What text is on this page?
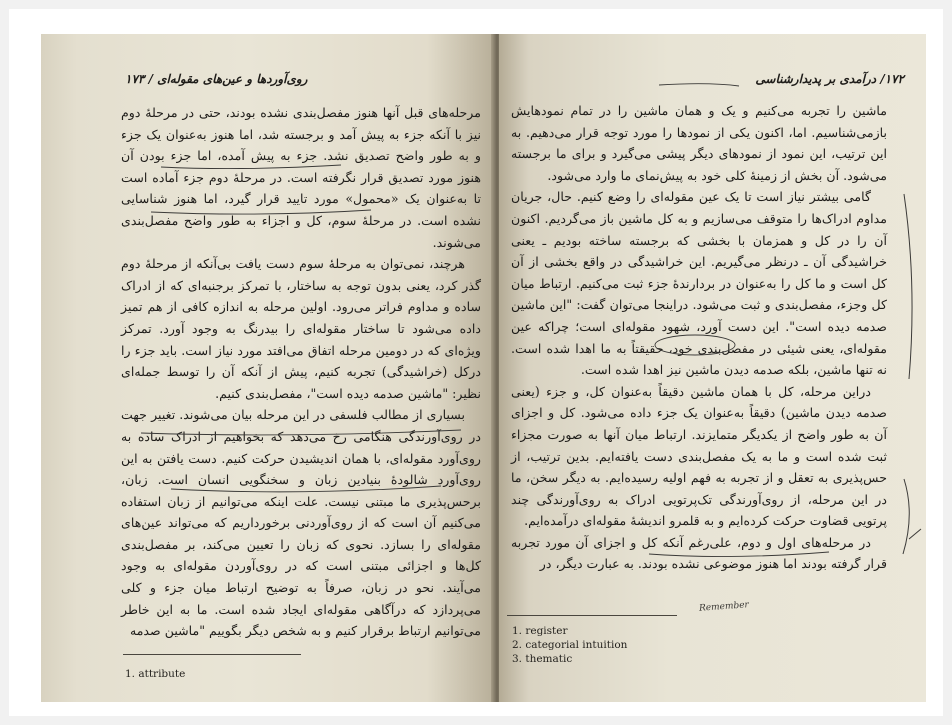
روی‌آوردها و عین‌های مقوله‌ای / ۱۷۳

مرحله‌های قبل آنها هنوز مفصل‌بندی نشده بودند، حتی در مرحلهٔ دوم نیز با آنکه جزء به پیش آمد و برجسته شد، اما هنوز به‌عنوان یک جزء و به طور واضح تصدیق نشد. جزء به پیش آمده، اما جزء بودن آن هنوز مورد تصدیق قرار نگرفته است. در مرحلهٔ دوم جزء آماده است تا به‌عنوان یک «محمول» مورد تایید قرار گیرد، اما هنوز شناسایی نشده است. در مرحلهٔ سوم، کل و اجزاء به طور واضح مفصل‌بندی می‌شوند.

هرچند، نمی‌توان به مرحلهٔ سوم دست یافت بی‌آنکه از مرحلهٔ دوم گذر کرد، یعنی بدون توجه به ساختار، با تمرکز برجنبه‌ای که از ادراک ساده و مداوم فراتر می‌رود. اولین مرحله به اندازه کافی از هم تمیز داده می‌شود تا ساختار مقوله‌ای را بیدرنگ به وجود آورد. تمرکز ویژه‌ای که در دومین مرحله اتفاق می‌افتد مورد نیاز است. باید جزء را درکل (خراشیدگی) تجربه کنیم، پیش از آنکه آن را توسط جمله‌ای نظیر: "ماشین صدمه دیده است"، مفصل‌بندی کنیم.

بسیاری از مطالب فلسفی در این مرحله بیان می‌شوند. تغییر جهت در روی‌آورندگی هنگامی رخ می‌دهد که بخواهیم از ادراک ساده به روی‌آورد مقوله‌ای، با همان اندیشیدن حرکت کنیم. دست یافتن به این روی‌آورد شالودهٔ بنیادین زبان و سخنگویی انسان است. زبان، برحس‌پذیری ما مبتنی نیست. علت اینکه می‌توانیم از زبان استفاده می‌کنیم آن است که از روی‌آوردنی برخورداریم که می‌تواند عین‌های مقوله‌ای را بسازد. نحوی که زبان را تعیین می‌کند، بر مفصل‌بندی کل‌ها و اجزائی مبتنی است که در روی‌آوردن مقوله‌ای به وجود می‌آیند. نحو در زبان، صرفاً به توضیح ارتباط میان جزء و کلی می‌پردازد که درآگاهی مقوله‌ای ایجاد شده است. ما به این خاطر می‌توانیم ارتباط برقرار کنیم و به شخص دیگر بگوییم "ماشین صدمه

1. attribute
۱۷۲/ درآمدی بر پدیدارشناسی

ماشین را تجربه می‌کنیم و یک و همان ماشین را در تمام نمودهایش بازمی‌شناسیم. اما، اکنون یکی از نمودها را مورد توجه قرار می‌دهیم. به این ترتیب، این نمود از نمودهای دیگر پیشی می‌گیرد و برای ما برجسته می‌شود. آن بخش از زمینهٔ کلی خود به پیش‌نمای ما وارد می‌شود.

گامی بیشتر نیاز است تا یک عین مقوله‌ای را وضع کنیم. حال، جریان مداوم ادراک‌ها را متوقف می‌سازیم و به کل ماشین باز می‌گردیم. اکنون آن را در کل و همزمان با بخشی که برجسته ساخته بودیم ـ یعنی خراشیدگی آن ـ درنظر می‌گیریم. این خراشیدگی در واقع بخشی از آن کل است و ما کل را به‌عنوان در بردارندهٔ جزء ثبت می‌کنیم. ارتباط میان کل وجزء، مفصل‌بندی و ثبت می‌شود. دراینجا می‌توان گفت: "این ماشین صدمه دیده است". این دست آورد، شهود مقوله‌ای است؛ چراکه عین مقوله‌ای، یعنی شیئی در مفصل‌بندی خود، حقیقتاً به ما اهدا شده است. نه تنها ماشین، بلکه صدمه دیدن ماشین نیز اهدا شده است.

دراین مرحله، کل با همان ماشین دقیقاً به‌عنوان کل، و جزء (یعنی صدمه دیدن ماشین) دقیقاً به‌عنوان یک جزء داده می‌شود. کل و اجزای آن به طور واضح از یکدیگر متمایزند. ارتباط میان آنها به صورت مجزاء ثبت شده است و ما به یک مفصل‌بندی دست یافته‌ایم. بدین ترتیب، از حس‌پذیری به تعقل و از تجربه به فهم اولیه رسیده‌ایم. به دیگر سخن، ما در این مرحله، از روی‌آورندگی تک‌پرتویی ادراک به روی‌آورندگی چند پرتویی قضاوت حرکت کرده‌ایم و به قلمرو اندیشهٔ مقوله‌ای درآمده‌ایم.

در مرحله‌های اول و دوم، علی‌رغم آنکه کل و اجزای آن مورد تجربه قرار گرفته بودند اما هنوز موضوعی نشده بودند. به عبارت دیگر، در

1. register
2. categorial intuition
3. thematic
Remember
